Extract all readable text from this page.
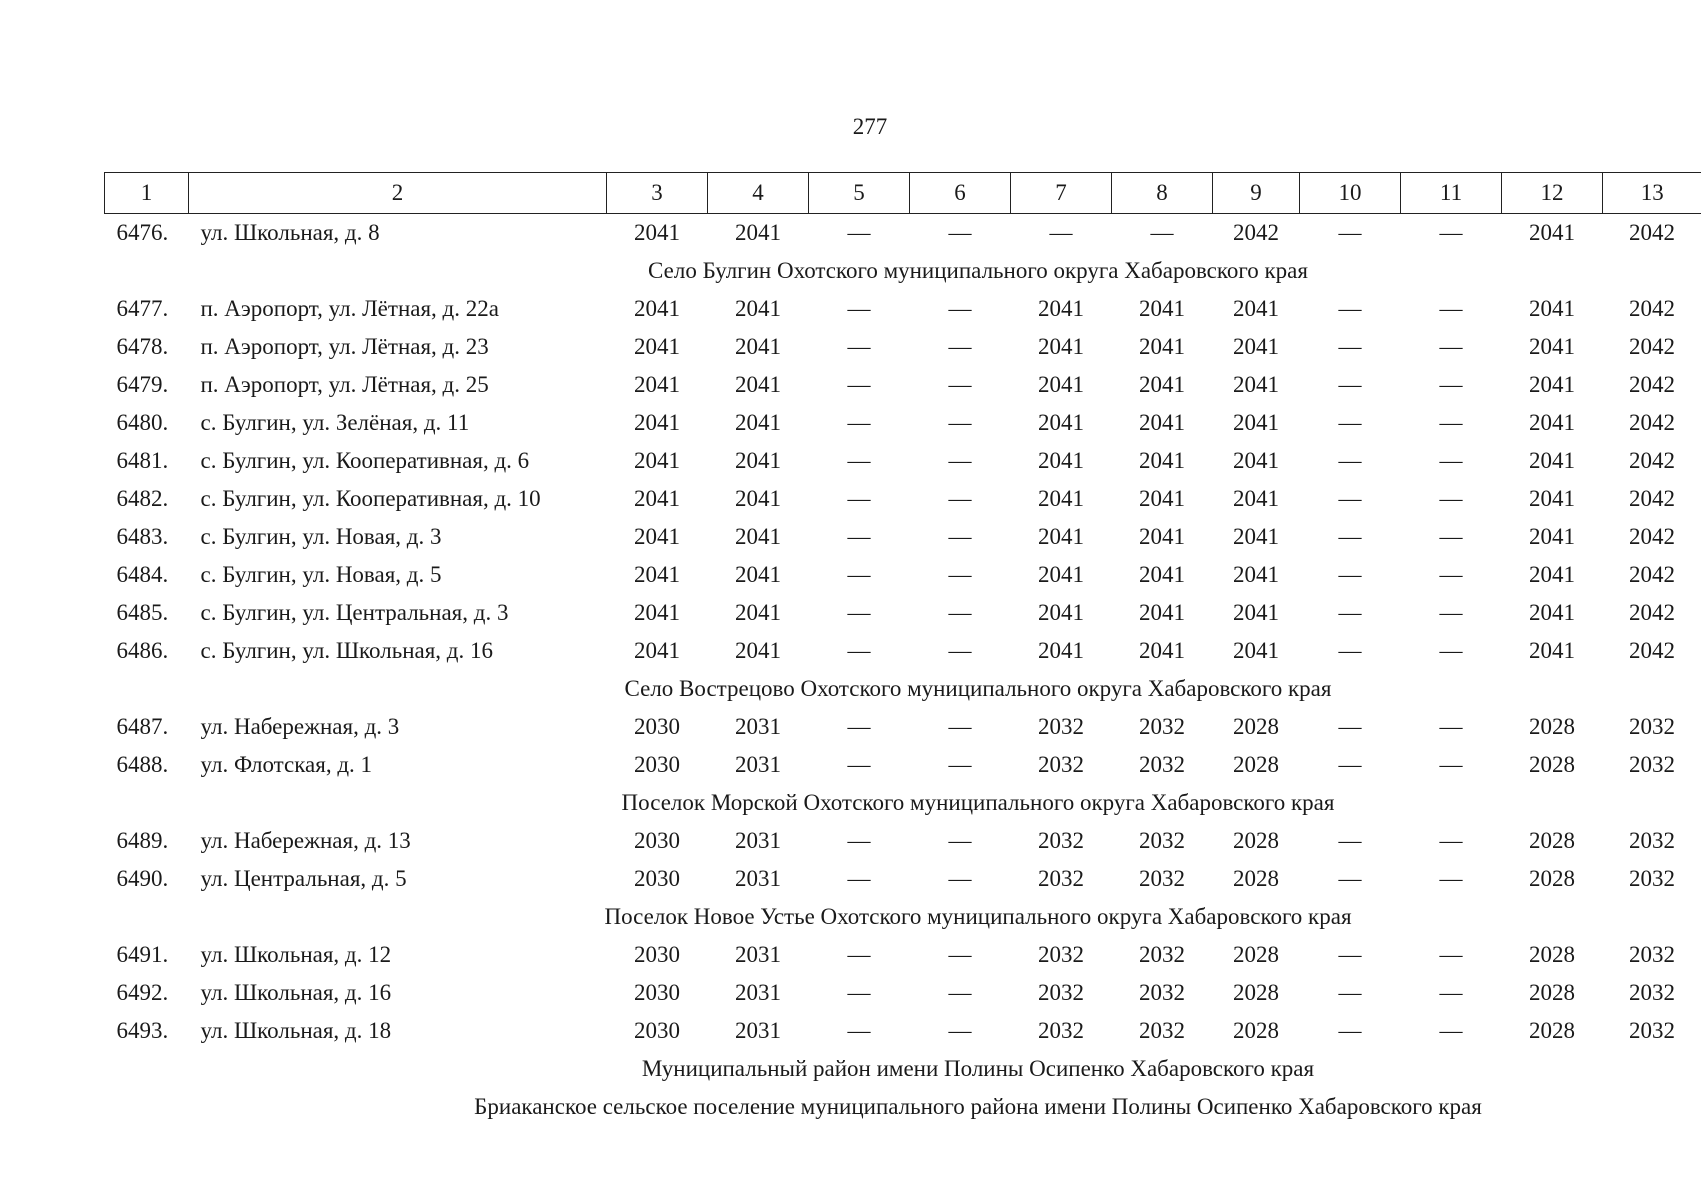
277
1	2	3	4	5	6	7	8	9	10	11	12	13
6476.	ул. Школьная, д. 8	2041	2041	—	—	—	—	2042	—	—	2041	2042
Село Булгин Охотского муниципального округа Хабаровского края												
6477.	п. Аэропорт, ул. Лётная, д. 22а	2041	2041	—	—	2041	2041	2041	—	—	2041	2042
6478.	п. Аэропорт, ул. Лётная, д. 23	2041	2041	—	—	2041	2041	2041	—	—	2041	2042
6479.	п. Аэропорт, ул. Лётная, д. 25	2041	2041	—	—	2041	2041	2041	—	—	2041	2042
6480.	с. Булгин, ул. Зелёная, д. 11	2041	2041	—	—	2041	2041	2041	—	—	2041	2042
6481.	с. Булгин, ул. Кооперативная, д. 6	2041	2041	—	—	2041	2041	2041	—	—	2041	2042
6482.	с. Булгин, ул. Кооперативная, д. 10	2041	2041	—	—	2041	2041	2041	—	—	2041	2042
6483.	с. Булгин, ул. Новая, д. 3	2041	2041	—	—	2041	2041	2041	—	—	2041	2042
6484.	с. Булгин, ул. Новая, д. 5	2041	2041	—	—	2041	2041	2041	—	—	2041	2042
6485.	с. Булгин, ул. Центральная, д. 3	2041	2041	—	—	2041	2041	2041	—	—	2041	2042
6486.	с. Булгин, ул. Школьная, д. 16	2041	2041	—	—	2041	2041	2041	—	—	2041	2042
Село Вострецово Охотского муниципального округа Хабаровского края												
6487.	ул. Набережная, д. 3	2030	2031	—	—	2032	2032	2028	—	—	2028	2032
6488.	ул. Флотская, д. 1	2030	2031	—	—	2032	2032	2028	—	—	2028	2032
Поселок Морской Охотского муниципального округа Хабаровского края												
6489.	ул. Набережная, д. 13	2030	2031	—	—	2032	2032	2028	—	—	2028	2032
6490.	ул. Центральная, д. 5	2030	2031	—	—	2032	2032	2028	—	—	2028	2032
Поселок Новое Устье Охотского муниципального округа Хабаровского края												
6491.	ул. Школьная, д. 12	2030	2031	—	—	2032	2032	2028	—	—	2028	2032
6492.	ул. Школьная, д. 16	2030	2031	—	—	2032	2032	2028	—	—	2028	2032
6493.	ул. Школьная, д. 18	2030	2031	—	—	2032	2032	2028	—	—	2028	2032
Муниципальный район имени Полины Осипенко Хабаровского края												
Бриаканское сельское поселение муниципального района имени Полины Осипенко Хабаровского края												
